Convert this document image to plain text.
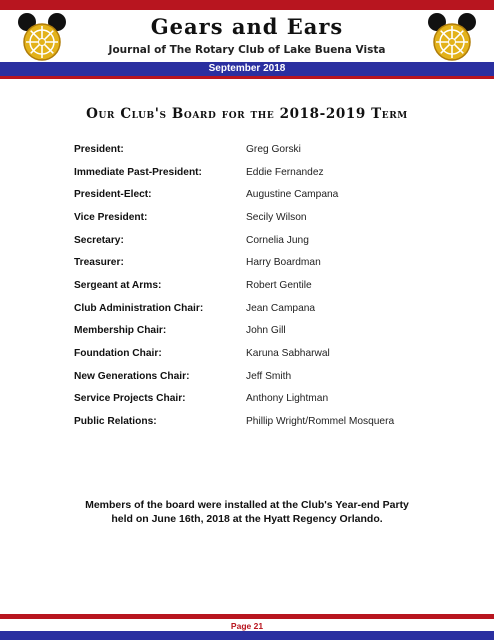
Gears and Ears
Journal of The Rotary Club of Lake Buena Vista
September 2018
Our Club's Board for the 2018-2019 Term
President:	Greg Gorski
Immediate Past-President:	Eddie Fernandez
President-Elect:	Augustine Campana
Vice President:	Secily Wilson
Secretary:	Cornelia Jung
Treasurer:	Harry Boardman
Sergeant at Arms:	Robert Gentile
Club Administration Chair:	Jean Campana
Membership Chair:	John Gill
Foundation Chair:	Karuna Sabharwal
New Generations Chair:	Jeff Smith
Service Projects Chair:	Anthony Lightman
Public Relations:	Phillip Wright/Rommel Mosquera
Members of the board were installed at the Club's Year-end Party
held on June 16th, 2018 at the Hyatt Regency Orlando.
Page 21
